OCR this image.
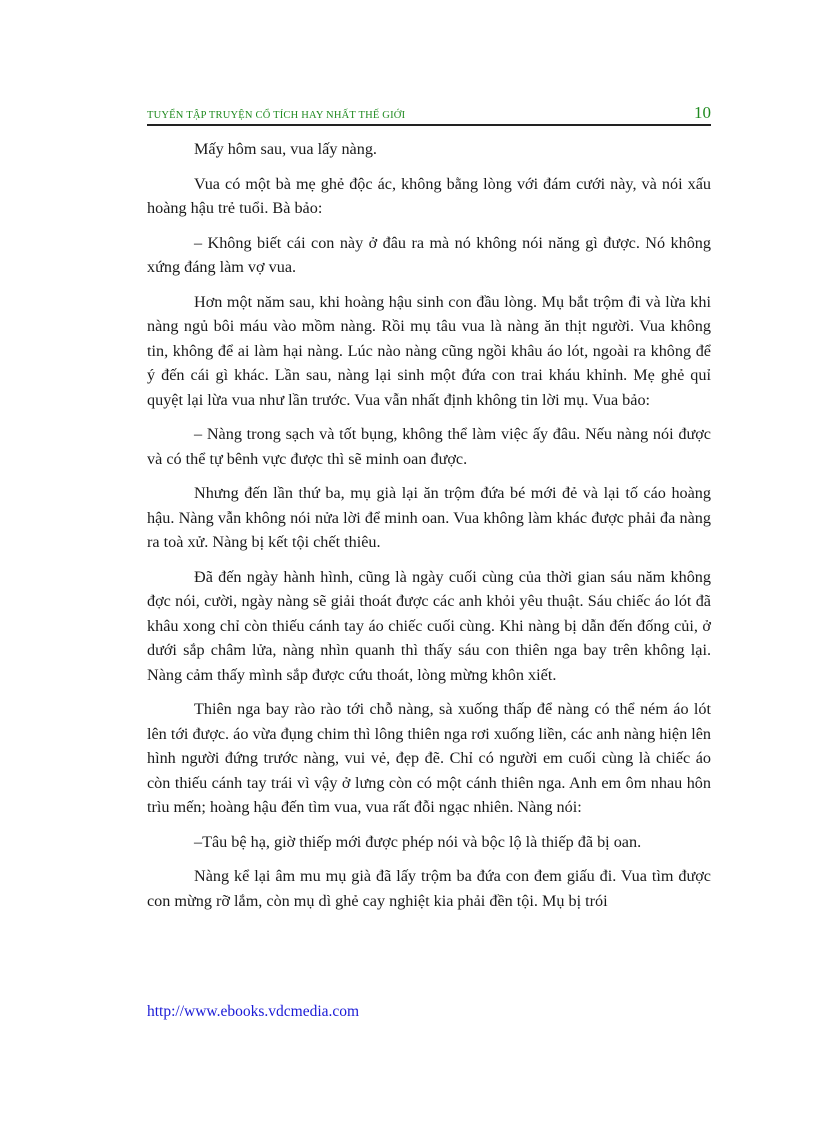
TUYỂN TẬP TRUYỆN CỔ TÍCH HAY NHẤT THẾ GIỚI	10

Mấy hôm sau, vua lấy nàng.

Vua có một bà mẹ ghẻ độc ác, không bằng lòng với đám cưới này, và nói xấu hoàng hậu trẻ tuổi. Bà bảo:

– Không biết cái con này ở đâu ra mà nó không nói năng gì được. Nó không xứng đáng làm vợ vua.

Hơn một năm sau, khi hoàng hậu sinh con đầu lòng. Mụ bắt trộm đi và lừa khi nàng ngủ bôi máu vào mồm nàng. Rồi mụ tâu vua là nàng ăn thịt người. Vua không tin, không để ai làm hại nàng. Lúc nào nàng cũng ngồi khâu áo lót, ngoài ra không để ý đến cái gì khác. Lần sau, nàng lại sinh một đứa con trai kháu khỉnh. Mẹ ghẻ quỉ quyệt lại lừa vua như lần trước. Vua vẫn nhất định không tin lời mụ. Vua bảo:

– Nàng trong sạch và tốt bụng, không thể làm việc ấy đâu. Nếu nàng nói được và có thể tự bênh vực được thì sẽ minh oan được.

Nhưng đến lần thứ ba, mụ già lại ăn trộm đứa bé mới đẻ và lại tố cáo hoàng hậu. Nàng vẫn không nói nửa lời để minh oan. Vua không làm khác được phải đa nàng ra toà xử. Nàng bị kết tội chết thiêu.

Đã đến ngày hành hình, cũng là ngày cuối cùng của thời gian sáu năm không đợc nói, cười, ngày nàng sẽ giải thoát được các anh khỏi yêu thuật. Sáu chiếc áo lót đã khâu xong chỉ còn thiếu cánh tay áo chiếc cuối cùng. Khi nàng bị dẫn đến đống củi, ở dưới sắp châm lửa, nàng nhìn quanh thì thấy sáu con thiên nga bay trên không lại. Nàng cảm thấy mình sắp được cứu thoát, lòng mừng khôn xiết.

Thiên nga bay rào rào tới chỗ nàng, sà xuống thấp để nàng có thể ném áo lót lên tới được. áo vừa đụng chim thì lông thiên nga rơi xuống liền, các anh nàng hiện lên hình người đứng trước nàng, vui vẻ, đẹp đẽ. Chỉ có người em cuối cùng là chiếc áo còn thiếu cánh tay trái vì vậy ở lưng còn có một cánh thiên nga. Anh em ôm nhau hôn trìu mến; hoàng hậu đến tìm vua, vua rất đỗi ngạc nhiên. Nàng nói:

–Tâu bệ hạ, giờ thiếp mới được phép nói và bộc lộ là thiếp đã bị oan.

Nàng kể lại âm mu mụ già đã lấy trộm ba đứa con đem giấu đi. Vua tìm được con mừng rỡ lắm, còn mụ dì ghẻ cay nghiệt kia phải đền tội. Mụ bị trói

http://www.ebooks.vdcmedia.com
